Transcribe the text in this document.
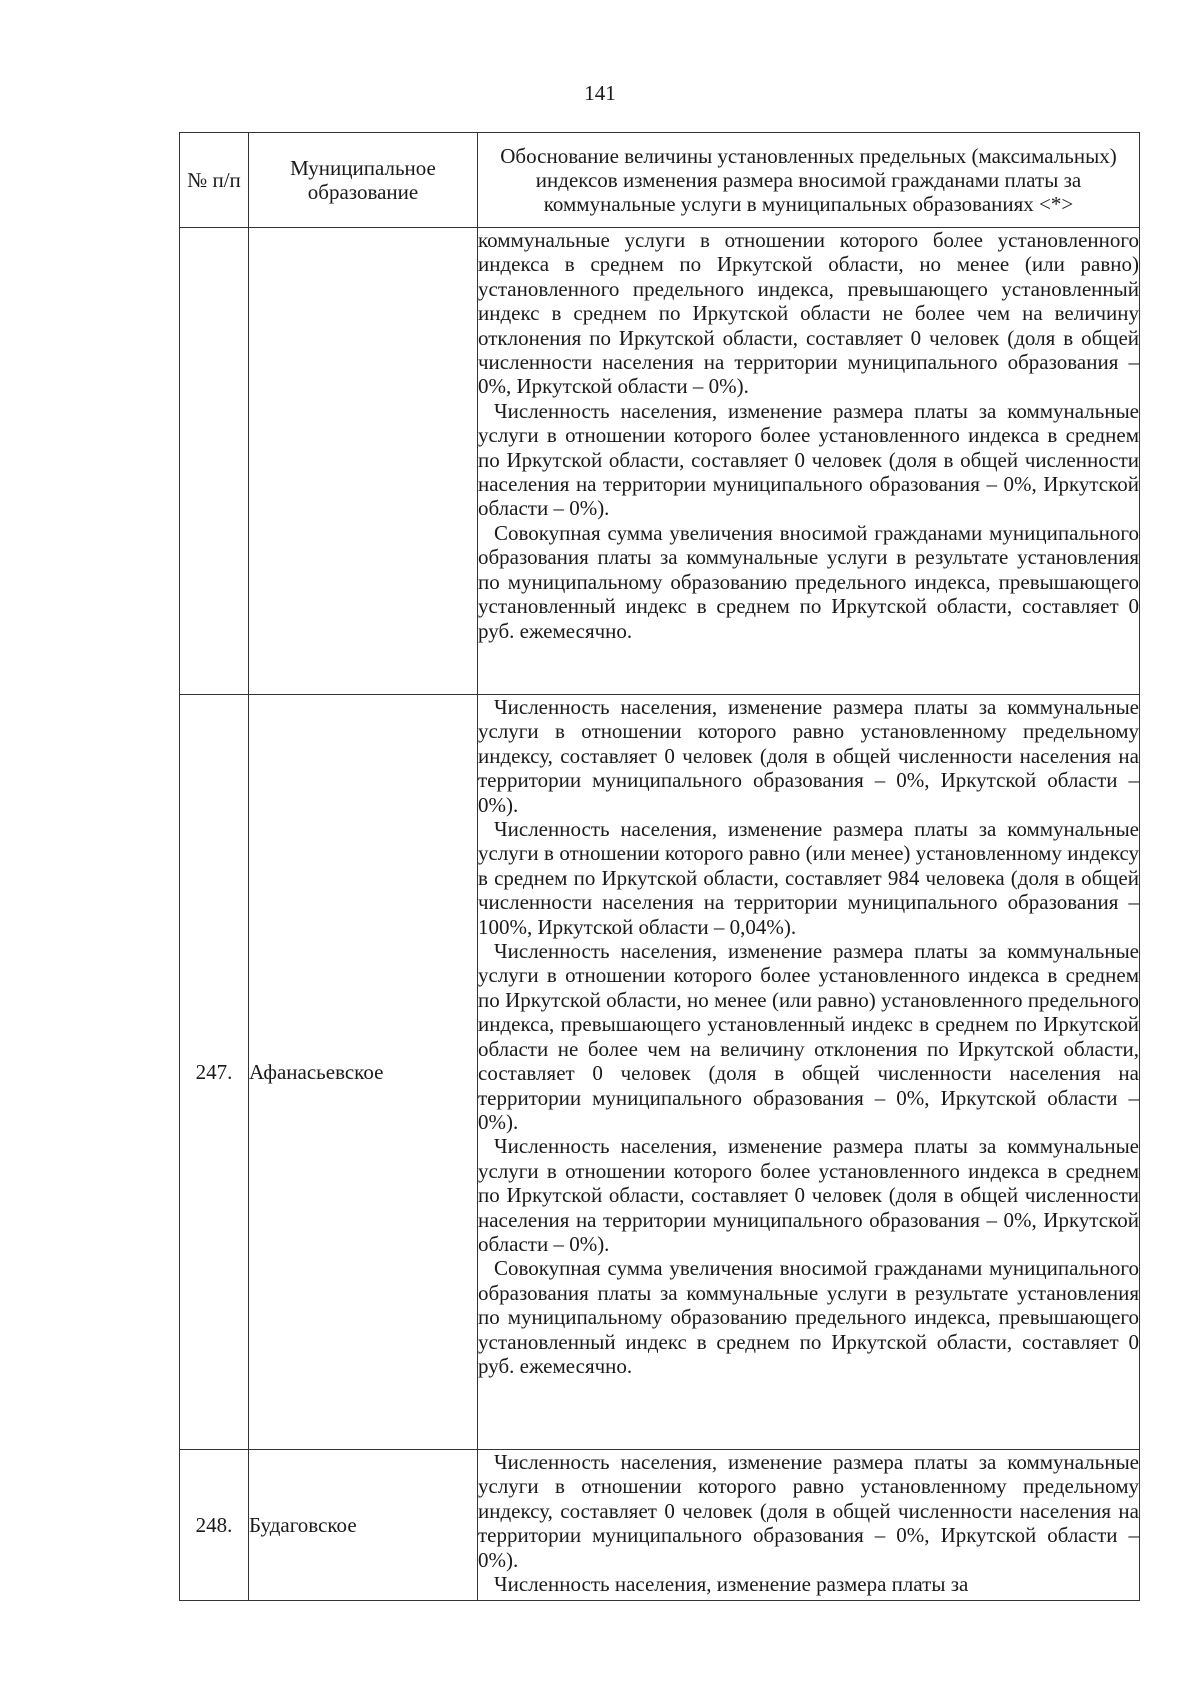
141
№ п/п	Муниципальное образование	Обоснование величины установленных предельных (максимальных) индексов изменения размера вносимой гражданами платы за коммунальные услуги в муниципальных образованиях <*>

		коммунальные услуги в отношении которого более установленного индекса в среднем по Иркутской области, но менее (или равно) установленного предельного индекса, превышающего установленный индекс в среднем по Иркутской области не более чем на величину отклонения по Иркутской области, составляет 0 человек (доля в общей численности населения на территории муниципального образования – 0%, Иркутской области – 0%).

Численность населения, изменение размера платы за коммунальные услуги в отношении которого более установленного индекса в среднем по Иркутской области, составляет 0 человек (доля в общей численности населения на территории муниципального образования – 0%, Иркутской области – 0%).

Совокупная сумма увеличения вносимой гражданами муниципального образования платы за коммунальные услуги в результате установления по муниципальному образованию предельного индекса, превышающего установленный индекс в среднем по Иркутской области, составляет 0 руб. ежемесячно.

247.	Афанасьевское	Численность населения, изменение размера платы за коммунальные услуги в отношении которого равно установленному предельному индексу, составляет 0 человек (доля в общей численности населения на территории муниципального образования – 0%, Иркутской области – 0%).

Численность населения, изменение размера платы за коммунальные услуги в отношении которого равно (или менее) установленному индексу в среднем по Иркутской области, составляет 984 человека (доля в общей численности населения на территории муниципального образования – 100%, Иркутской области – 0,04%).

Численность населения, изменение размера платы за коммунальные услуги в отношении которого более установленного индекса в среднем по Иркутской области, но менее (или равно) установленного предельного индекса, превышающего установленный индекс в среднем по Иркутской области не более чем на величину отклонения по Иркутской области, составляет 0 человек (доля в общей численности населения на территории муниципального образования – 0%, Иркутской области – 0%).

Численность населения, изменение размера платы за коммунальные услуги в отношении которого более установленного индекса в среднем по Иркутской области, составляет 0 человек (доля в общей численности населения на территории муниципального образования – 0%, Иркутской области – 0%).

Совокупная сумма увеличения вносимой гражданами муниципального образования платы за коммунальные услуги в результате установления по муниципальному образованию предельного индекса, превышающего установленный индекс в среднем по Иркутской области, составляет 0 руб. ежемесячно.

248.	Будаговское	Численность населения, изменение размера платы за коммунальные услуги в отношении которого равно установленному предельному индексу, составляет 0 человек (доля в общей численности населения на территории муниципального образования – 0%, Иркутской области – 0%).

Численность населения, изменение размера платы за
